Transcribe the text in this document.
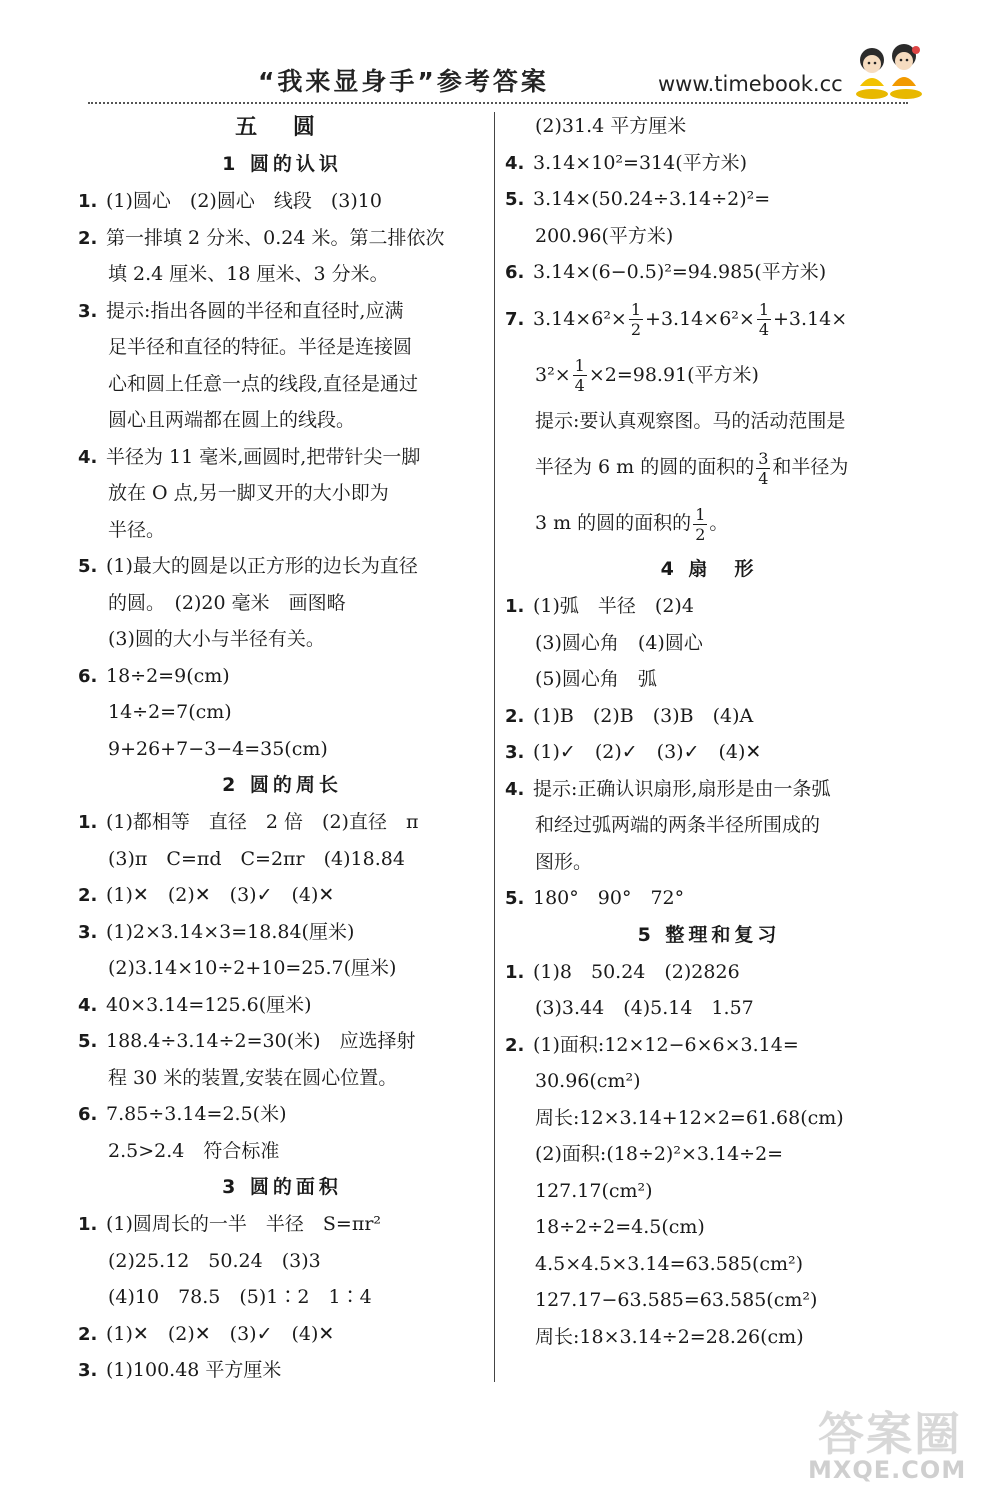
“我来显身手”参考答案	www.timebook.cc
五 圆
1 圆的认识
1. (1)圆心　(2)圆心　线段　(3)10
2. 第一排填 2 分米、0.24 米。第二排依次
填 2.4 厘米、18 厘米、3 分米。
3. 提示:指出各圆的半径和直径时,应满
足半径和直径的特征。半径是连接圆
心和圆上任意一点的线段,直径是通过
圆心且两端都在圆上的线段。
4. 半径为 11 毫米,画圆时,把带针尖一脚
放在 O 点,另一脚叉开的大小即为
半径。
5. (1)最大的圆是以正方形的边长为直径
的圆。　(2)20 毫米　画图略
(3)圆的大小与半径有关。
6. 18÷2=9(cm)
14÷2=7(cm)
9+26+7−3−4=35(cm)
2 圆的周长
1. (1)都相等　直径　2 倍　(2)直径　π
(3)π　C=πd　C=2πr　(4)18.84
2. (1)✕　(2)✕　(3)✓　(4)✕
3. (1)2×3.14×3=18.84(厘米)
(2)3.14×10÷2+10=25.7(厘米)
4. 40×3.14=125.6(厘米)
5. 188.4÷3.14÷2=30(米)　应选择射
程 30 米的装置,安装在圆心位置。
6. 7.85÷3.14=2.5(米)
2.5>2.4　符合标准
3 圆的面积
1. (1)圆周长的一半　半径　S=πr²
(2)25.12　50.24　(3)3
(4)10　78.5　(5)1∶2　1∶4
2. (1)✕　(2)✕　(3)✓　(4)✕
3. (1)100.48 平方厘米
(2)31.4 平方厘米
4. 3.14×10²=314(平方米)
5. 3.14×(50.24÷3.14÷2)²=
200.96(平方米)
6. 3.14×(6−0.5)²=94.985(平方米)
7. $3.14\times 6^2\times \frac{1}{2} +3.14\times 6^2\times \frac{1}{4} +3.14\times$
$3^2\times \frac{1}{4} \times 2=98.91$(平方米)
提示:要认真观察图。马的活动范围是
半径为 6 m 的圆的面积的 $\frac{3}{4}$ 和半径为
3 m 的圆的面积的 $\frac{1}{2}$ 。
4 扇　形
1. (1)弧　半径　(2)4
(3)圆心角　(4)圆心
(5)圆心角　弧
2. (1)B　(2)B　(3)B　(4)A
3. (1)✓　(2)✓　(3)✓　(4)✕
4. 提示:正确认识扇形,扇形是由一条弧
和经过弧两端的两条半径所围成的
图形。
5. 180°　90°　72°
5 整理和复习
1. (1)8　50.24　(2)2826
(3)3.44　(4)5.14　1.57
2. (1)面积:12×12−6×6×3.14=
30.96(cm²)
周长:12×3.14+12×2=61.68(cm)
(2)面积:(18÷2)²×3.14÷2=
127.17(cm²)
18÷2÷2=4.5(cm)
4.5×4.5×3.14=63.585(cm²)
127.17−63.585=63.585(cm²)
周长:18×3.14÷2=28.26(cm)
答案圈
MXQE.COM
